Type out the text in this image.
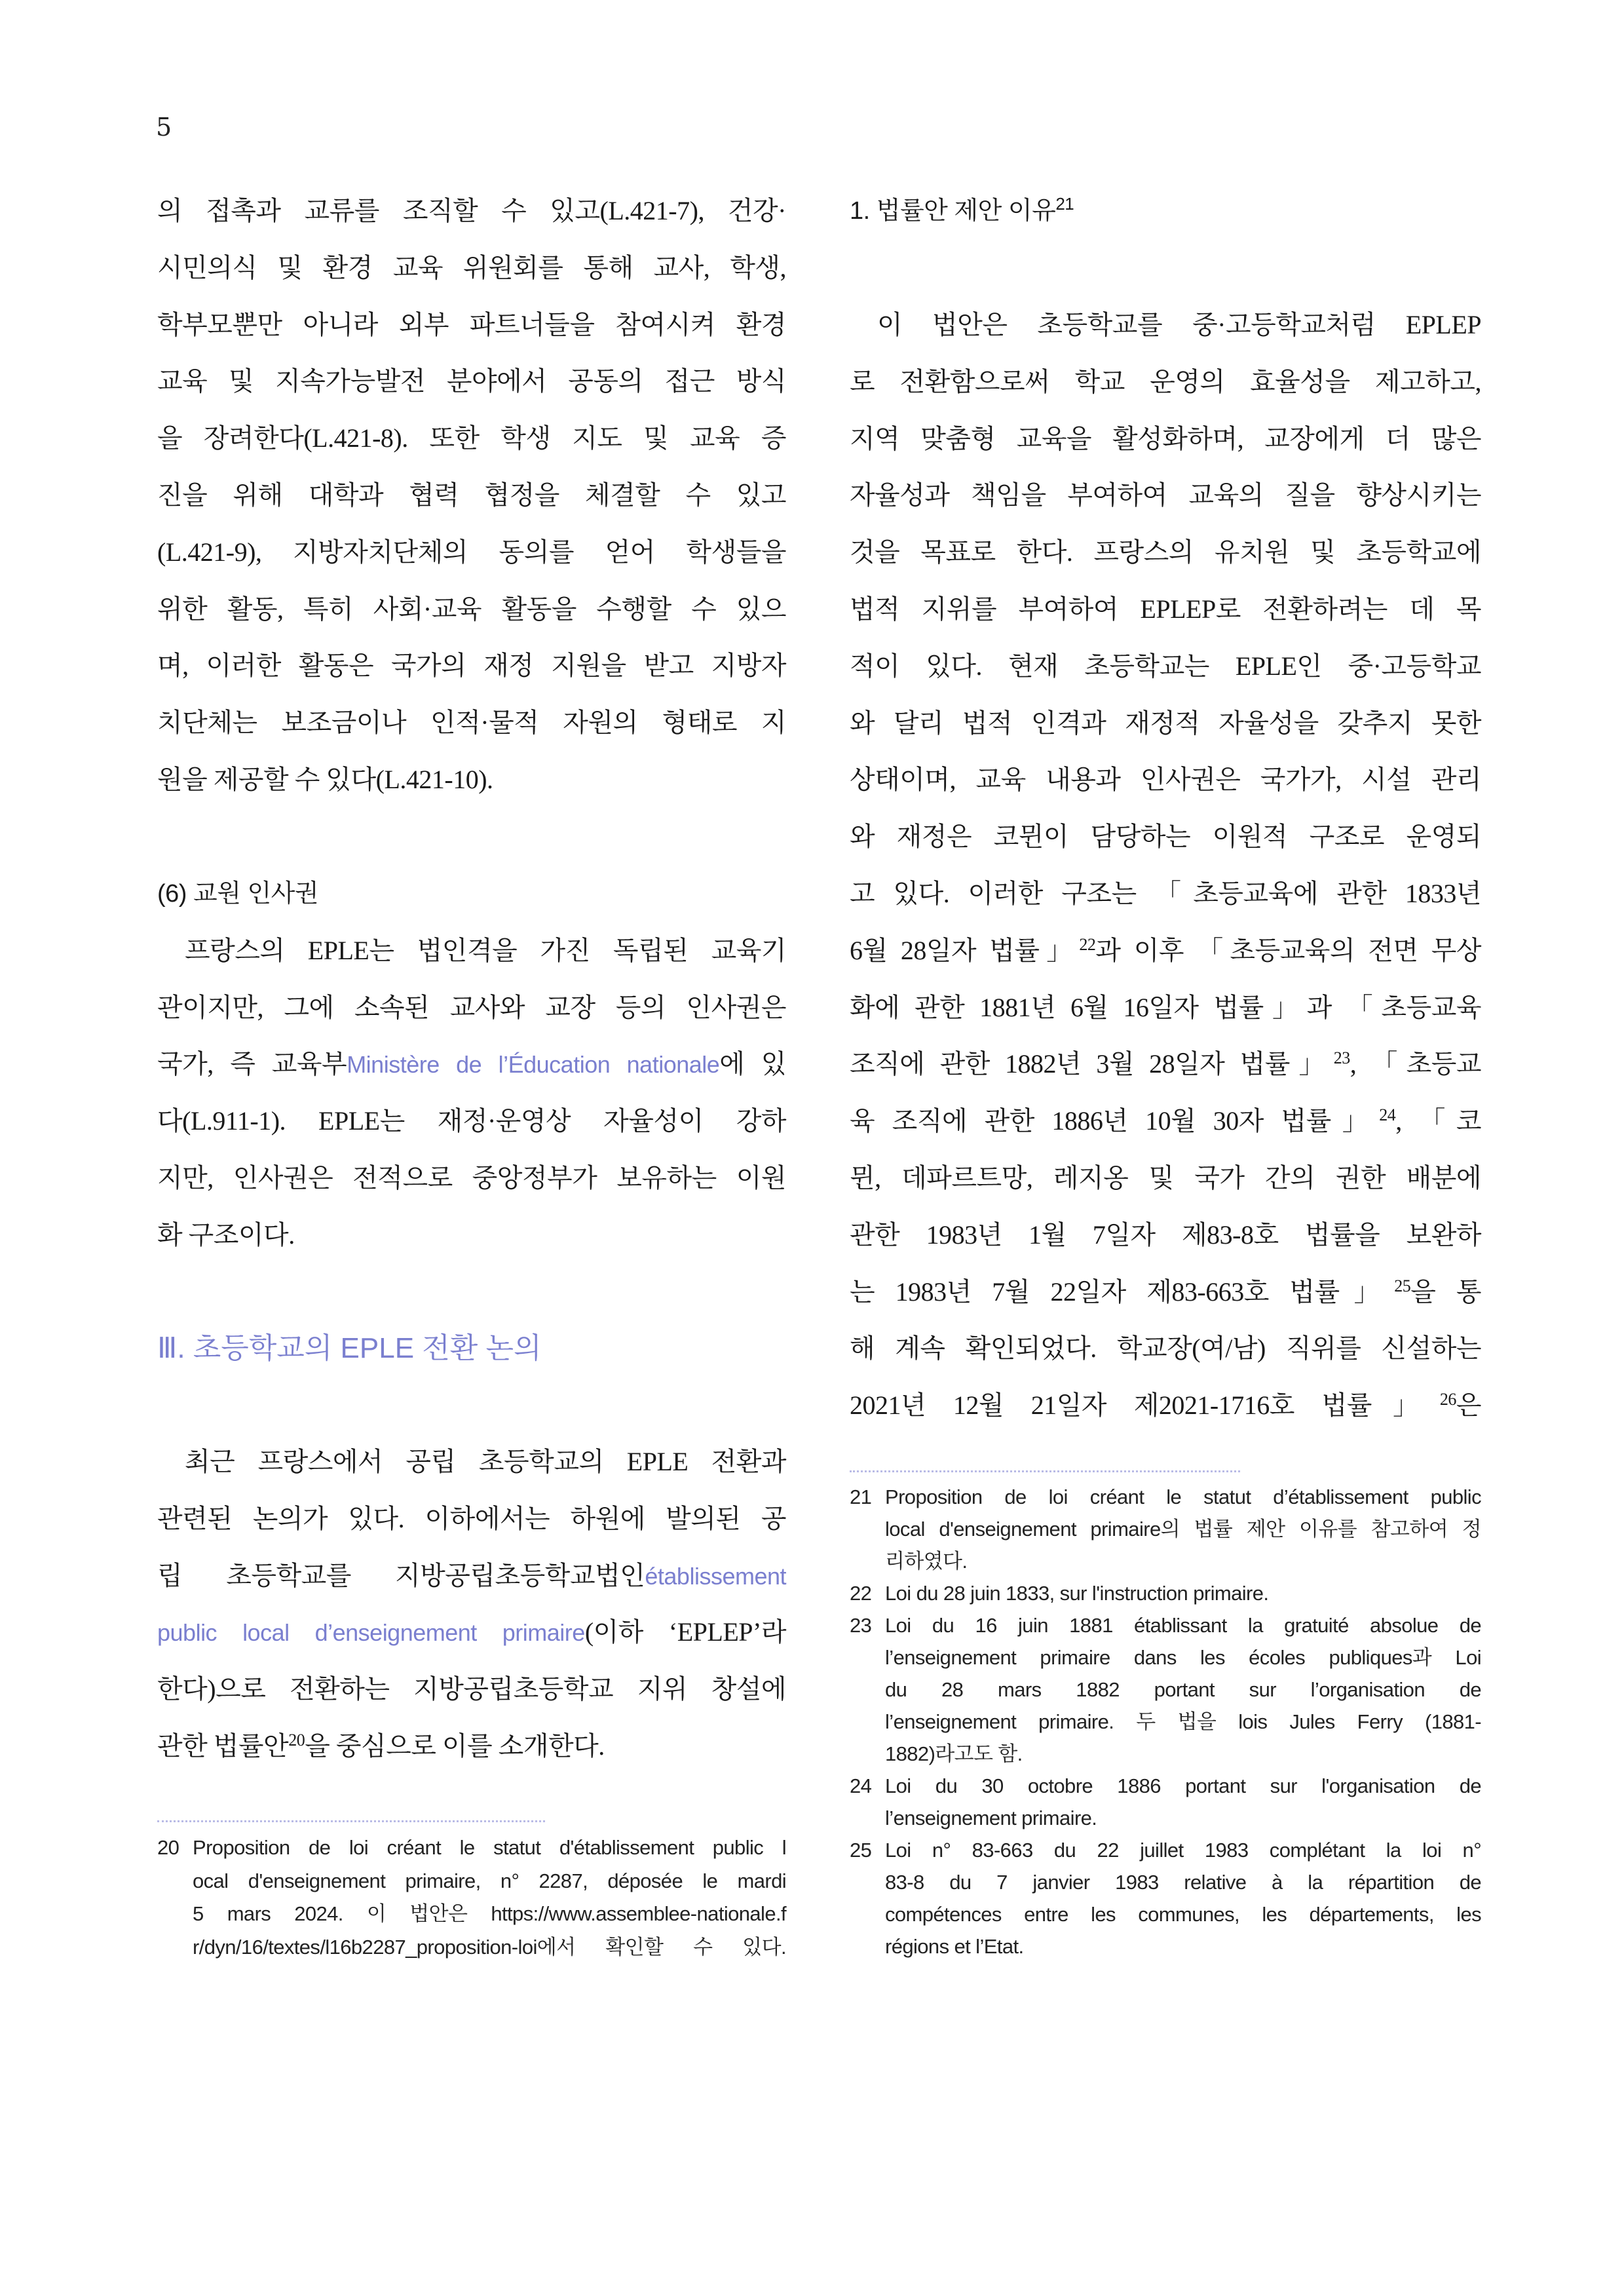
5
의 접촉과 교류를 조직할 수 있고(L.421-7), 건강·
시민의식 및 환경 교육 위원회를 통해 교사, 학생,
학부모뿐만 아니라 외부 파트너들을 참여시켜 환경
교육 및 지속가능발전 분야에서 공동의 접근 방식
을 장려한다(L.421-8). 또한 학생 지도 및 교육 증
진을 위해 대학과 협력 협정을 체결할 수 있고
(L.421-9), 지방자치단체의 동의를 얻어 학생들을
위한 활동, 특히 사회·교육 활동을 수행할 수 있으
며, 이러한 활동은 국가의 재정 지원을 받고 지방자
치단체는 보조금이나 인적·물적 자원의 형태로 지
원을 제공할 수 있다(L.421-10).
(6) 교원 인사권
프랑스의 EPLE는 법인격을 가진 독립된 교육기
관이지만, 그에 소속된 교사와 교장 등의 인사권은
국가, 즉 교육부Ministère de l’Éducation nationale에 있
다(L.911-1). EPLE는 재정·운영상 자율성이 강하
지만, 인사권은 전적으로 중앙정부가 보유하는 이원
화 구조이다.
Ⅲ. 초등학교의 EPLE 전환 논의
최근 프랑스에서 공립 초등학교의 EPLE 전환과
관련된 논의가 있다. 이하에서는 하원에 발의된 공
립 초등학교를 지방공립초등학교법인établissement
public local d’enseignement primaire(이하 ‘EPLEP’라
한다)으로 전환하는 지방공립초등학교 지위 창설에
관한 법률안$^{20}$을 중심으로 이를 소개한다.
20 Proposition de loi créant le statut d'établissement public l
ocal d'enseignement primaire, n° 2287, déposée le mardi
5 mars 2024. 이 법안은 https://www.assemblee-nationale.f
r/dyn/16/textes/l16b2287_proposition-loi에서 확인할 수 있다.
1. 법률안 제안 이유$^{21}$
이 법안은 초등학교를 중·고등학교처럼 EPLEP
로 전환함으로써 학교 운영의 효율성을 제고하고,
지역 맞춤형 교육을 활성화하며, 교장에게 더 많은
자율성과 책임을 부여하여 교육의 질을 향상시키는
것을 목표로 한다. 프랑스의 유치원 및 초등학교에
법적 지위를 부여하여 EPLEP로 전환하려는 데 목
적이 있다. 현재 초등학교는 EPLE인 중·고등학교
와 달리 법적 인격과 재정적 자율성을 갖추지 못한
상태이며, 교육 내용과 인사권은 국가가, 시설 관리
와 재정은 코뮌이 담당하는 이원적 구조로 운영되
고 있다. 이러한 구조는 「초등교육에 관한 1833년
6월 28일자 법률」$^{22}$과 이후 「초등교육의 전면 무상
화에 관한 1881년 6월 16일자 법률」과 「초등교육
조직에 관한 1882년 3월 28일자 법률」$^{23}$, 「초등교
육 조직에 관한 1886년 10월 30자 법률」$^{24}$, 「코
뮌, 데파르트망, 레지옹 및 국가 간의 권한 배분에
관한 1983년 1월 7일자 제83-8호 법률을 보완하
는 1983년 7월 22일자 제83-663호 법률」$^{25}$을 통
해 계속 확인되었다. 학교장(여/남) 직위를 신설하는
2021년 12월 21일자 제2021-1716호 법률」$^{26}$은
21 Proposition de loi créant le statut d’établissement public
local d'enseignement primaire의 법률 제안 이유를 참고하여 정
리하였다.
22 Loi du 28 juin 1833, sur l'instruction primaire.
23 Loi du 16 juin 1881 établissant la gratuité absolue de
l’enseignement primaire dans les écoles publiques과 Loi
du 28 mars 1882 portant sur l’organisation de
l’enseignement primaire. 두 법을 lois Jules Ferry (1881-
1882)라고도 함.
24 Loi du 30 octobre 1886 portant sur l'organisation de
l’enseignement primaire.
25 Loi n° 83-663 du 22 juillet 1983 complétant la loi n°
83-8 du 7 janvier 1983 relative à la répartition de
compétences entre les communes, les départements, les
régions et l’Etat.
